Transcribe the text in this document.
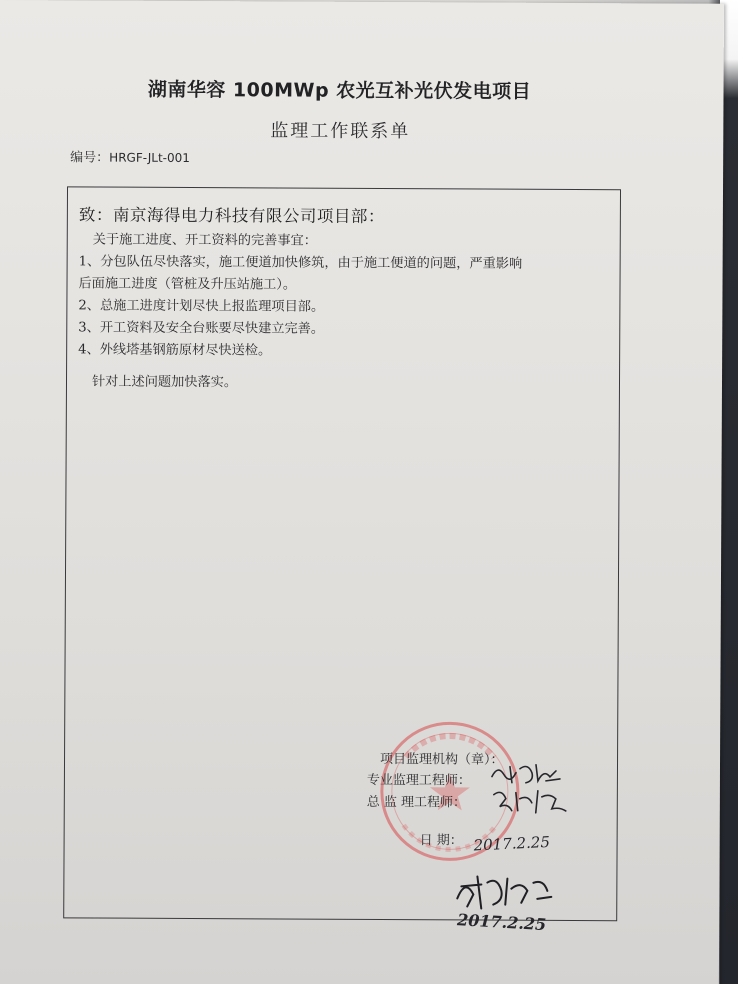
湖南华容 100MWp 农光互补光伏发电项目
监理工作联系单
编号：HRGF-JLt-001
致：南京海得电力科技有限公司项目部：
关于施工进度、开工资料的完善事宜：
1、分包队伍尽快落实，施工便道加快修筑，由于施工便道的问题，严重影响
后面施工进度（管桩及升压站施工）。
2、总施工进度计划尽快上报监理项目部。
3、开工资料及安全台账要尽快建立完善。
4、外线塔基钢筋原材尽快送检。
针对上述问题加快落实。
项目监理机构（章）：
专业监理工程师：
总 监 理工程师：
日 期： 2017.2.25
2017.2.25
